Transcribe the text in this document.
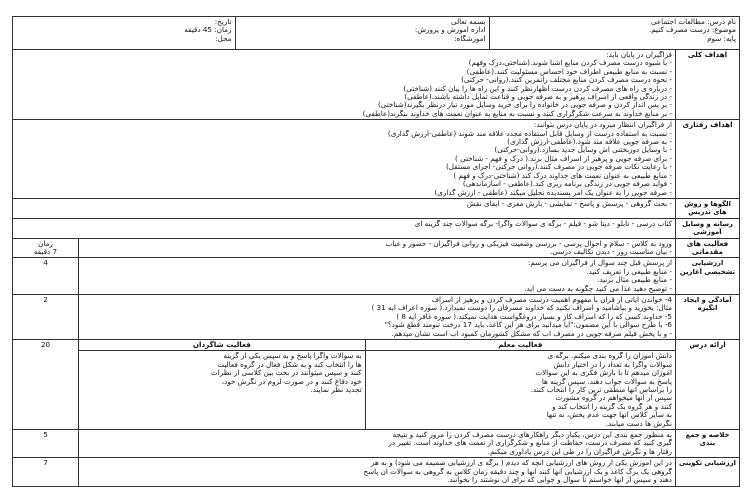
نام درس: مطالعات اجتماعی
موضوع: درست مصرف کنیم.
پایه: سوم

بسمه تعالی
اداره آموزش و پرورش:
آموزشگاه:

تاریخ:
زمان: 45 دقیقه
محل:

اهداف کلی	
فراگیران در پایان باید:
- با شیوه درست مصرف کردن منابع آشنا شوند.(شناختی،درک وفهم)
- نسبت به منابع طبیعی اطراف خود احساس مسئولیت کنند.(عاطفی)
- نحوه درست مصرف کردن منابع مختلف راتمرین کنند.(روانی- حرکتی)
- درباره ی راه های مصرف کردن درست اظهارنظر کنند و این راه ها را بیان کنند (شناختی)
- در زندگی واقعی از اسراف پرهیز و به صرفه جویی و قناعت تمایل داشته باشند.(عاطفی)
- بر پس انداز کردن و صرفه جویی در خانواده را برای خرید وسایل مورد نیاز درنظر بگیرند(شناختی)
- بر منابع خداوند به سرعت شکرگزاری کنند و نسبت به منابع به عنوان نعمت های خداوند بنگرند(عاطفی)

اهداف رفتاری	
از فراگیران انتظار میرود در پایان درس بتوانند:
- نسبت به استفاده درست از وسایل قابل استفاده مجدد علاقه مند شوند (عاطفی-ارزش گذاری)
- به صرفه جویی علاقه مند شود.(عاطفی-ارزش گذاری)
- با وسایل دوربختنی اش وسایل جدید بسازد.(روانی-حرکتی)
- برای صرفه جویی و پرهیز از اسراف مثال بزند.( درک و فهم - شناختی )
- با رعایت نکات صرفه جویی در مصرف کنند.(روانی حرکتی- اجرای مستقل)
- منابع طبیعی به عنوان نعمت های خداوند درک کند (شناختی-درک و فهم )
- فواید صرفه جویی در زندگی برنامه ریزی کند.(عاطفی - اسازماندهی)
- صرفه جویی را به عنوان یک امر پسندیده تحلیل میکند (عاطفی - ارزش گذاری)

الگوها و روش های تدریس	
- بحث گروهی - پرسش و پاسخ - نمایشی - بارش مغزی - ایفای نقش

رسانه و وسایل آموزشی	
کتاب درسی - تابلو - دیتا شو - فیلم - برگه ی سوالات واگرا- برگه سوالات چند گزینه ای

فعالیت های مقدماتی	
ورود به کلاس - سلام و احوال پرسی - بررسی وضعیت فیزیکی و روانی فراگیران - حضور و غیاب
- بیان مناسبت روز - دیدن تکالیف درسی.

زمان
7 دقیقه

ارزشیابی تشخیصی آغازین	
از پرسش قبل چند سوال از فراگیران می پرسم:
- منابع طبیعی را تعریف کنید.
- منابع طبیعی مثال بزنید.
- توضیح دهید غذا می کنید چگونه به دست می آید.
	4
آمادگی و ایجاد انگیزه	
4- خواندن آیاتی از قرآن با مفهوم اهمیت درست مصرف کردن و پرهیز از اسراف
مثال: بخورید و بیاشامید و اسراف نکنید که خداوند مسرفان را دوست نمیدارد.( سوره اعراف آیه 31 )
5- خداوند کسی که را که اسراف کار و بسیار دروغگواست هدایت نمیکند.( سوره غافر آیه 8 )
6- با طرح سوالی با این مضمون:"آیا میدانید برای هر این کاغذ، باید 17 درخت تنومند قطع شود؟"
- و با پخش فیلم صرفه جویی در مصرف آب که مشکل کشورمان کمبود آب است نشان میدهم.
	2
ارائه درس	
فعالیت معلم	فعالیت شاگردان

دانش آموزان را گروه بندی میکنم. برگه ی
سوالات واگرا به تعداد را در اختیار دانش
آموزان میدهم تا با بارش فکری به این سوالات
پاسخ به سوالات جواب دهند. سپس گزینه ها
را براساس آنها منطقی ترین کار را انتخاب کنند.
سپس از آنها میخواهم در گروه مشورت
کنند و هر گروه یک گزینه را انتخاب کند و
به سایر کلاس آنها جهت عدم پخش، نه تنها
نگرش ها دست میابند.

به سوالات واگرا پاسخ و به سپس یکی از گزینه
ها را انتخاب کند و به شکل فعال در گروه فعالیت
کنند و سپس میتوانند در بحث بین کلاسی از نظرات
خود دفاع کنند و در صورت لزوم در نگرش خود،
تجدید نظر نمایند.
	20
خلاصه و جمع بندی	
به منظور جمع بندی این درس، یکبار دیگر راهکارهای درست مصرف کردن را مرور کنید و نتیجه
گیری کنید که مصرف درست، حفاظت از منابع و شکرگزاری از نعمت های خداوند است. تغییر در
رفتار ها و نگرش فراگیران را در طی این درس یادآوری میکنم.
	5
ارزشیابی تکوینی	
در این آموزش یکی از روش های ارزشیابی آنچه که دیدم ( برگه ی ارزشیابی ضمیمه می شود) و به هر
گروهی یک برگ کاغذ و یک ارزشیابی آنها کنند آنها و چند دقیقه زمان کلاس به گروهی به سوالات آن پاسخ
دهند و سپس از آنها خواستم تا سوال و جوابی که برای آن نوشتند را بخوانند.
	7
